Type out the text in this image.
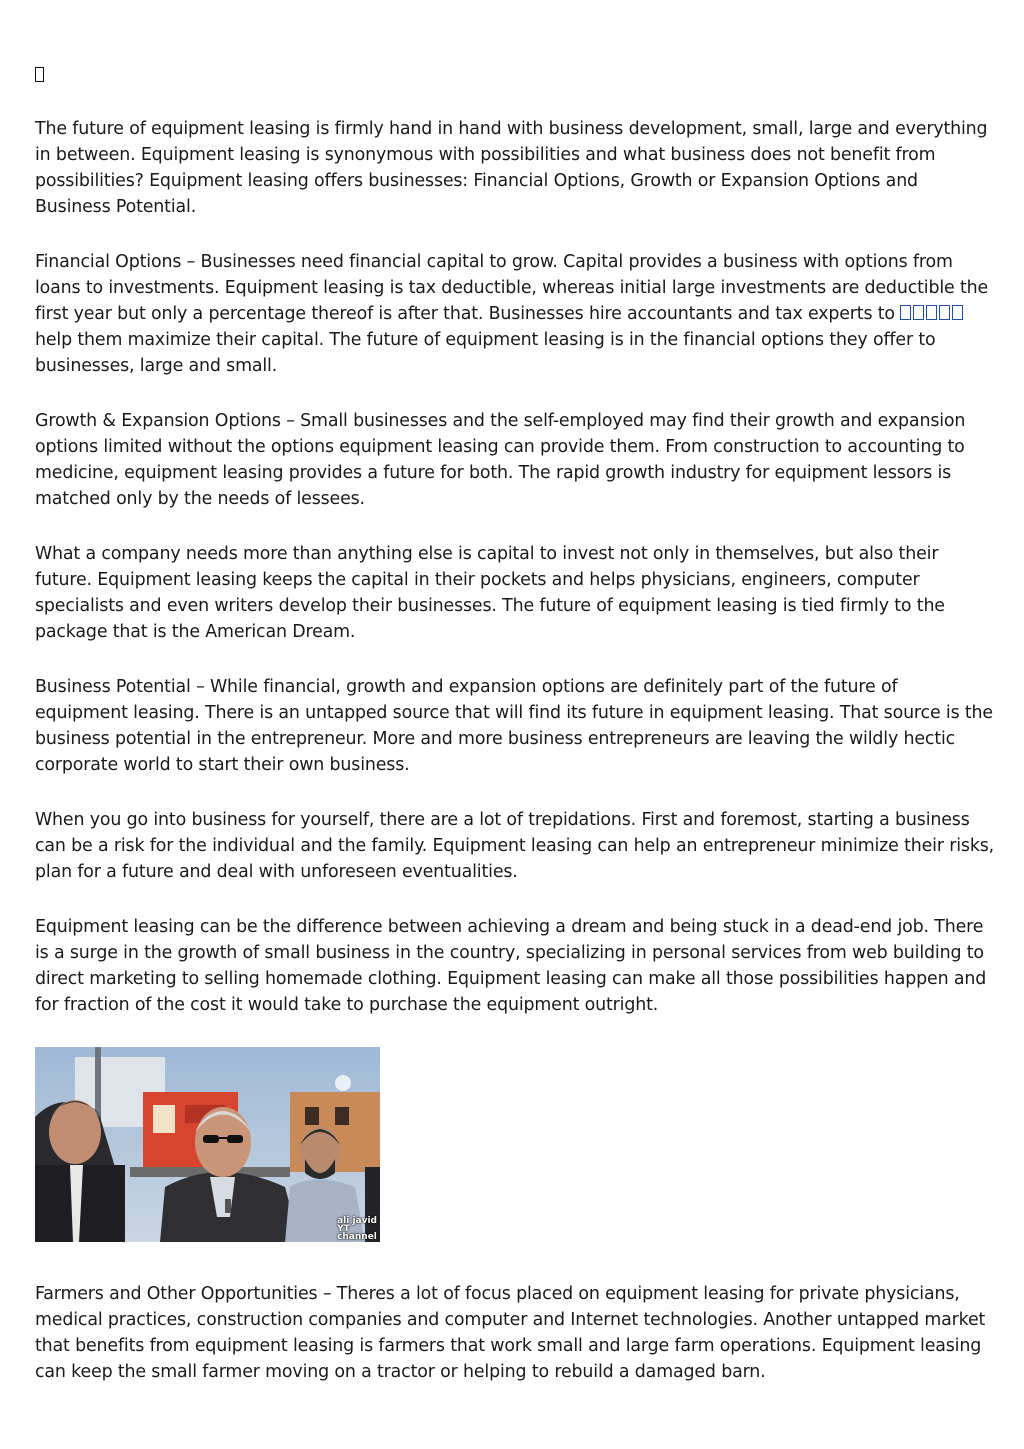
The future of equipment leasing is firmly hand in hand with business development, small, large and everything in between. Equipment leasing is synonymous with possibilities and what business does not benefit from possibilities? Equipment leasing offers businesses: Financial Options, Growth or Expansion Options and Business Potential.

Financial Options – Businesses need financial capital to grow. Capital provides a business with options from loans to investments. Equipment leasing is tax deductible, whereas initial large investments are deductible the first year but only a percentage thereof is after that. Businesses hire accountants and tax experts to  help them maximize their capital. The future of equipment leasing is in the financial options they offer to businesses, large and small.

Growth & Expansion Options – Small businesses and the self-employed may find their growth and expansion options limited without the options equipment leasing can provide them. From construction to accounting to medicine, equipment leasing provides a future for both. The rapid growth industry for equipment lessors is matched only by the needs of lessees.

What a company needs more than anything else is capital to invest not only in themselves, but also their future. Equipment leasing keeps the capital in their pockets and helps physicians, engineers, computer specialists and even writers develop their businesses. The future of equipment leasing is tied firmly to the package that is the American Dream.

Business Potential – While financial, growth and expansion options are definitely part of the future of equipment leasing. There is an untapped source that will find its future in equipment leasing. That source is the business potential in the entrepreneur. More and more business entrepreneurs are leaving the wildly hectic corporate world to start their own business.

When you go into business for yourself, there are a lot of trepidations. First and foremost, starting a business can be a risk for the individual and the family. Equipment leasing can help an entrepreneur minimize their risks, plan for a future and deal with unforeseen eventualities.

Equipment leasing can be the difference between achieving a dream and being stuck in a dead-end job. There is a surge in the growth of small business in the country, specializing in personal services from web building to direct marketing to selling homemade clothing. Equipment leasing can make all those possibilities happen and for fraction of the cost it would take to purchase the equipment outright.

ali javid
YT
channel

Farmers and Other Opportunities – Theres a lot of focus placed on equipment leasing for private physicians, medical practices, construction companies and computer and Internet technologies. Another untapped market that benefits from equipment leasing is farmers that work small and large farm operations. Equipment leasing can keep the small farmer moving on a tractor or helping to rebuild a damaged barn.
